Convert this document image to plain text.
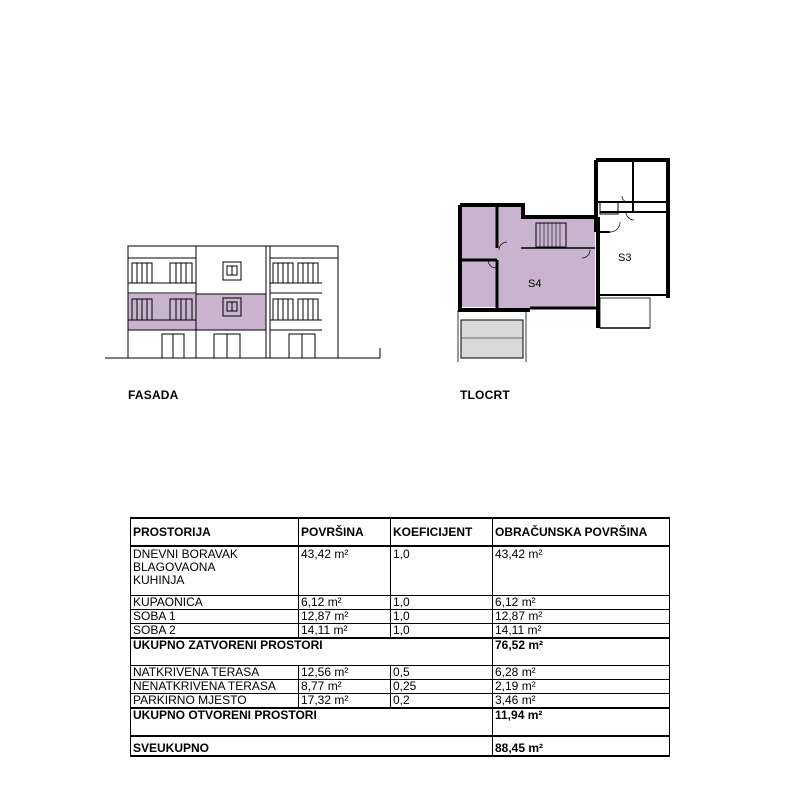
S3
S4
FASADA	TLOCRT
PROSTORIJA	POVRŠINA	KOEFICIJENT	OBRAČUNSKA POVRŠINA

DNEVNI BORAVAK
BLAGOVAONA
KUHINJA	43,42 m²	1,0	43,42 m²
KUPAONICA	6,12 m²	1,0	6,12 m²
SOBA 1	12,87 m²	1,0	12,87 m²
SOBA 2	14,11 m²	1,0	14,11 m²
UKUPNO ZATVORENI PROSTORI			76,52 m²
NATKRIVENA TERASA	12,56 m²	0,5	6,28 m²
NENATKRIVENA TERASA	8,77 m²	0,25	2,19 m²
PARKIRNO MJESTO	17,32 m²	0,2	3,46 m²
UKUPNO OTVORENI PROSTORI			11,94 m²
SVEUKUPNO			88,45 m²
